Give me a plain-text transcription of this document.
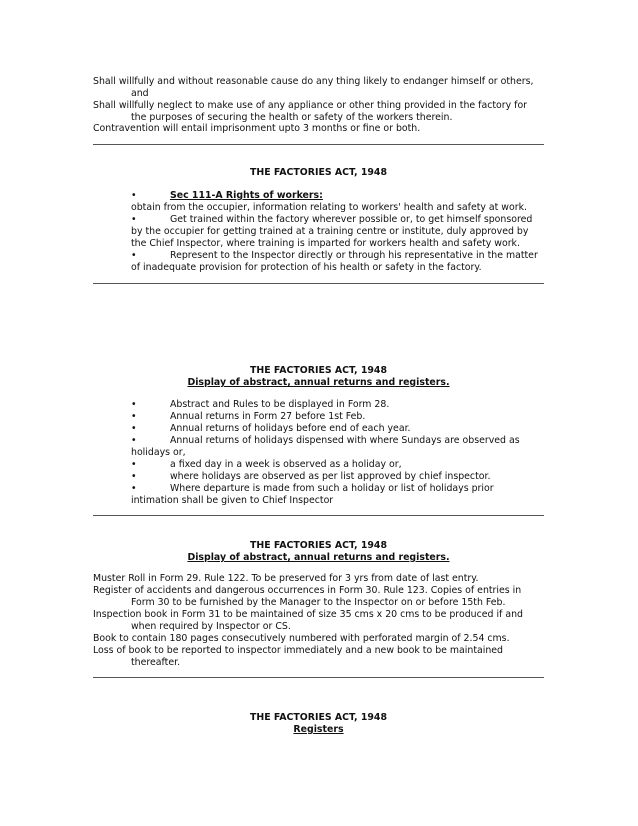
Shall willfully and without reasonable cause do any thing likely to endanger himself or others,
and
Shall willfully neglect to make use of any appliance or other thing provided in the factory for
the purposes of securing the health or safety of the workers therein.
Contravention will entail imprisonment upto 3 months or fine or both.
THE FACTORIES ACT, 1948
•	Sec 111-A Rights of workers:
obtain from the occupier, information relating to workers' health and safety at work.
•	Get trained within the factory wherever possible or, to get himself sponsored
by the occupier for getting trained at a training centre or institute, duly approved by
the Chief Inspector, where training is imparted for workers health and safety work.
•	Represent to the Inspector directly or through his representative in the matter
of inadequate provision for protection of his health or safety in the factory.
THE FACTORIES ACT, 1948
Display of abstract, annual returns and registers.
•	Abstract and Rules to be displayed in Form 28.
•	Annual returns in Form 27 before 1st Feb.
•	Annual returns of holidays before end of each year.
•	Annual returns of holidays dispensed with where Sundays are observed as
holidays or,
•	a fixed day in a week is observed as a holiday or,
•	where holidays are observed as per list approved by chief inspector.
•	Where departure is made from such a holiday or list of holidays prior
intimation shall be given to Chief Inspector
THE FACTORIES ACT, 1948
Display of abstract, annual returns and registers.
Muster Roll in Form 29. Rule 122. To be preserved for 3 yrs from date of last entry.
Register of accidents and dangerous occurrences in Form 30. Rule 123. Copies of entries in
Form 30 to be furnished by the Manager to the Inspector on or before 15th Feb.
Inspection book in Form 31 to be maintained of size 35 cms x 20 cms to be produced if and
when required by Inspector or CS.
Book to contain 180 pages consecutively numbered with perforated margin of 2.54 cms.
Loss of book to be reported to inspector immediately and a new book to be maintained
thereafter.
THE FACTORIES ACT, 1948
Registers
